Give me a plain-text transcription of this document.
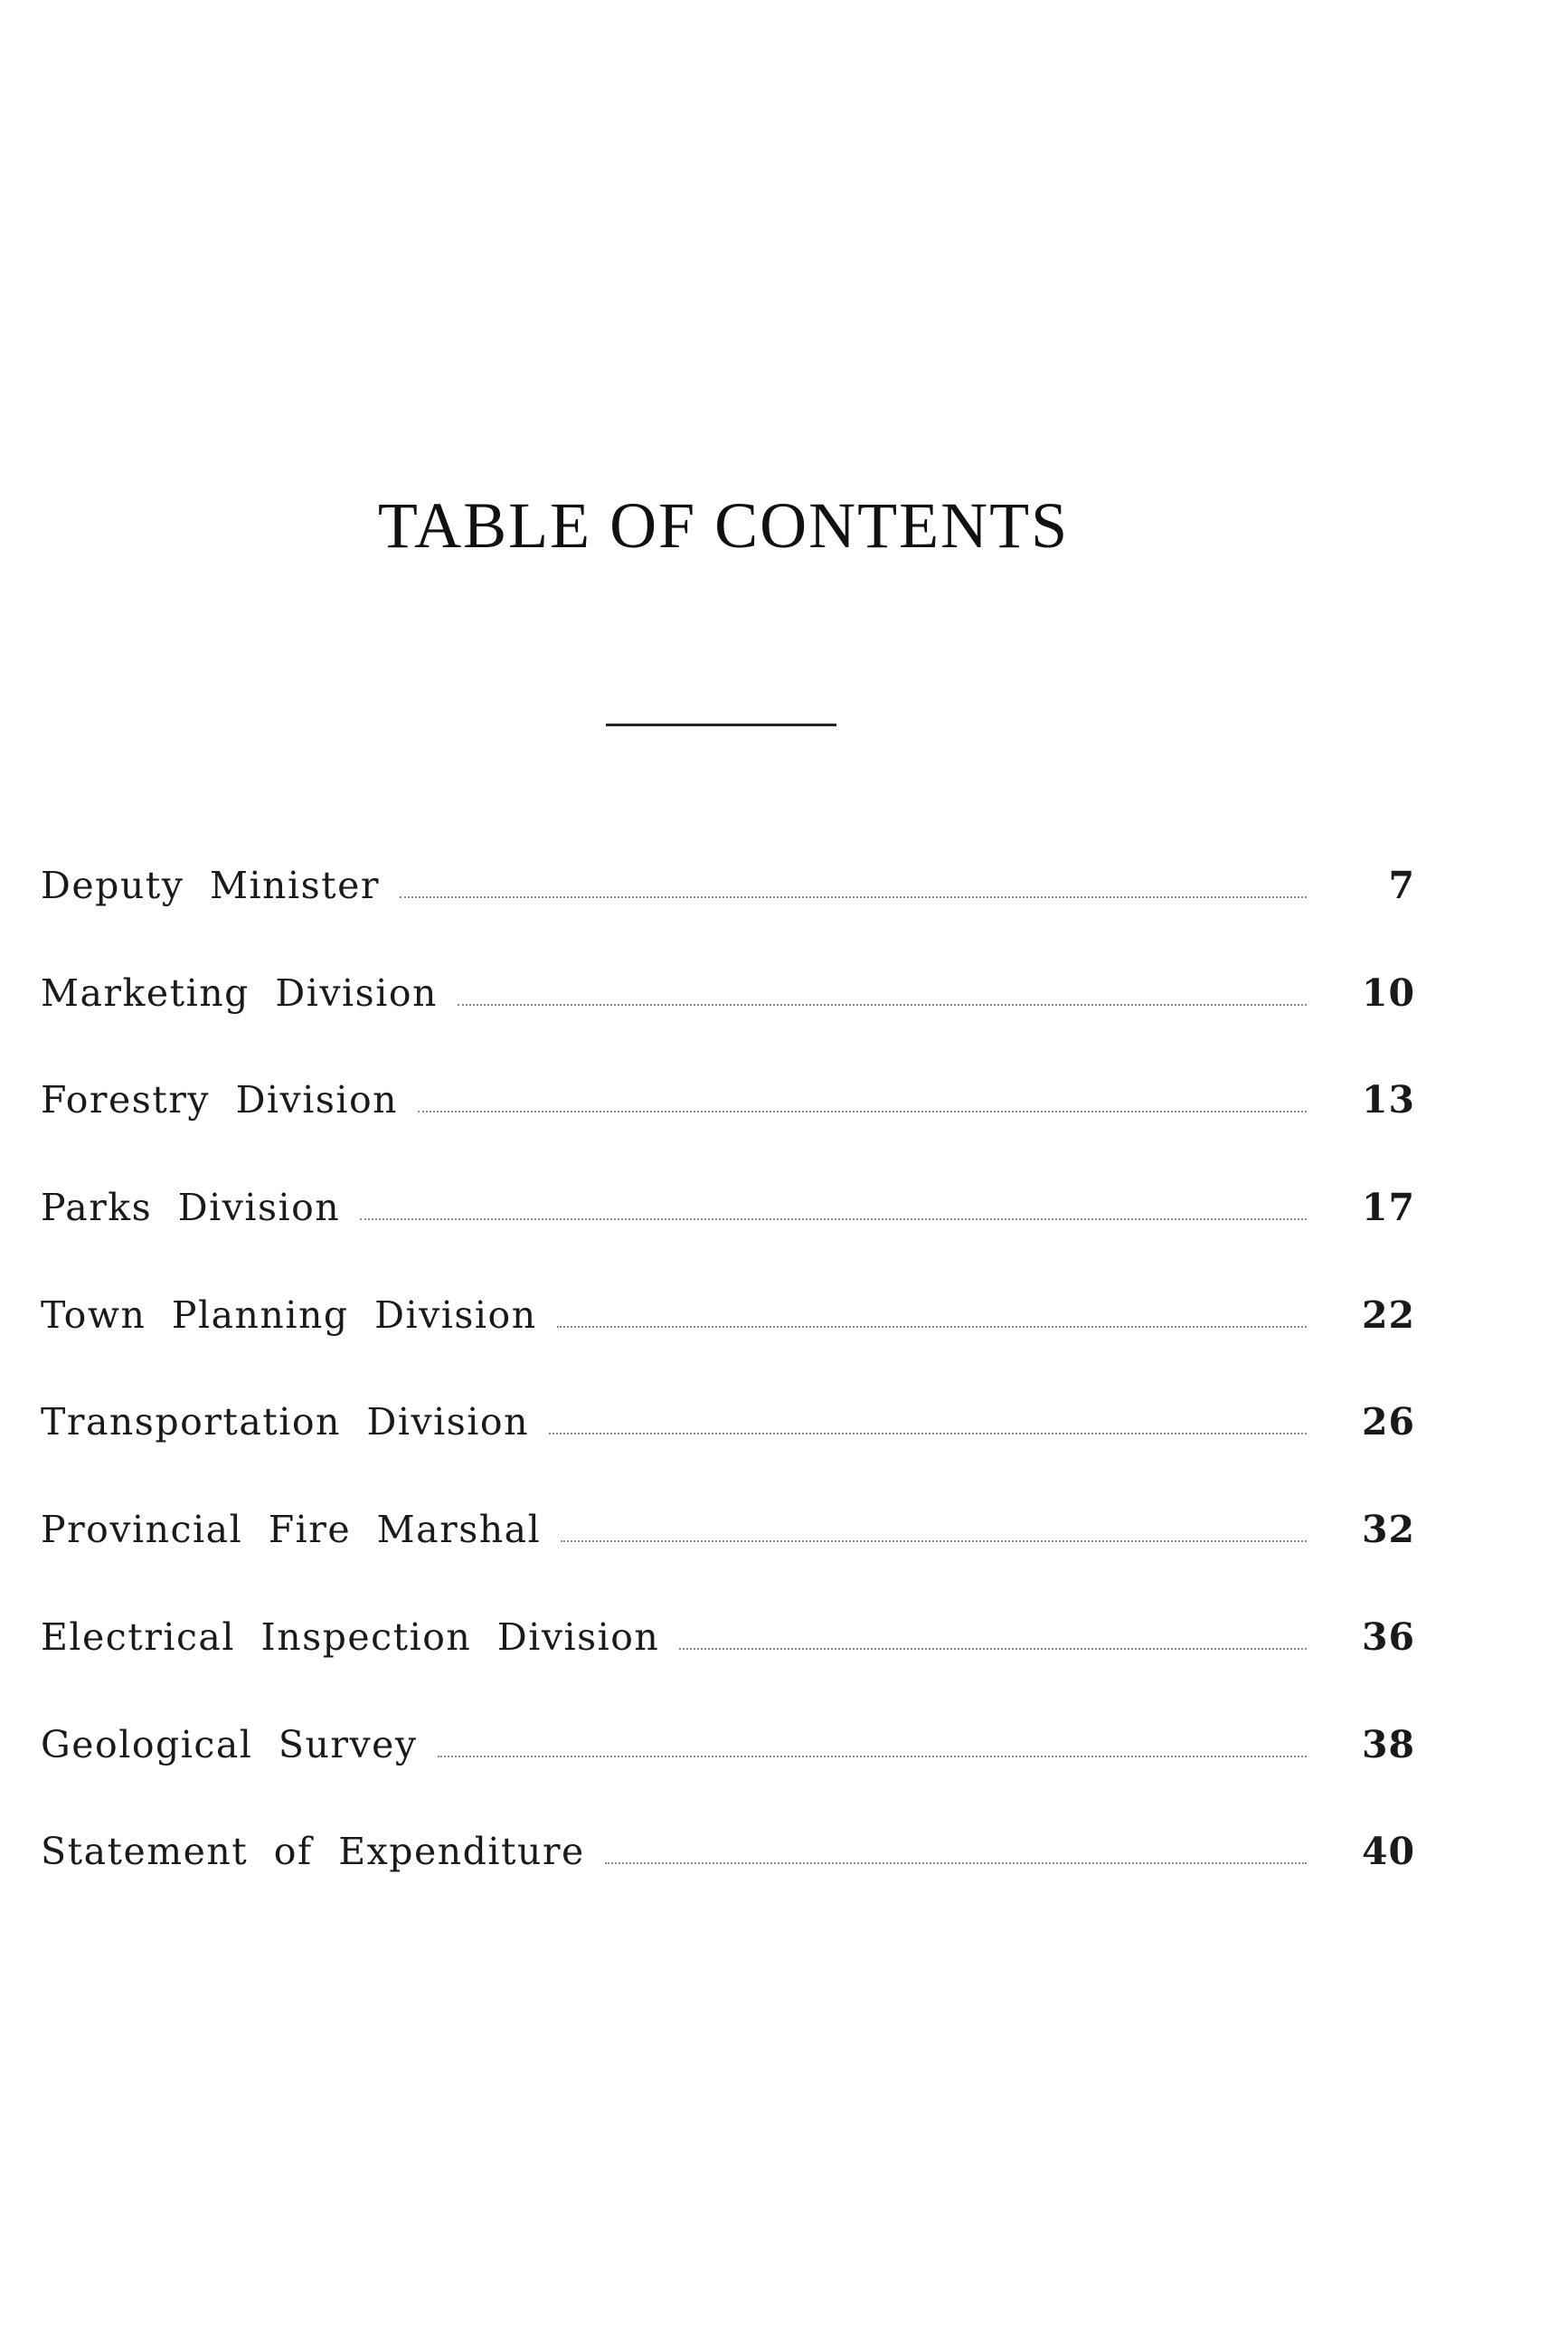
TABLE OF CONTENTS
Deputy Minister	7
Marketing Division	10
Forestry Division	13
Parks Division	17
Town Planning Division	22
Transportation Division	26
Provincial Fire Marshal	32
Electrical Inspection Division	36
Geological Survey	38
Statement of Expenditure	40
